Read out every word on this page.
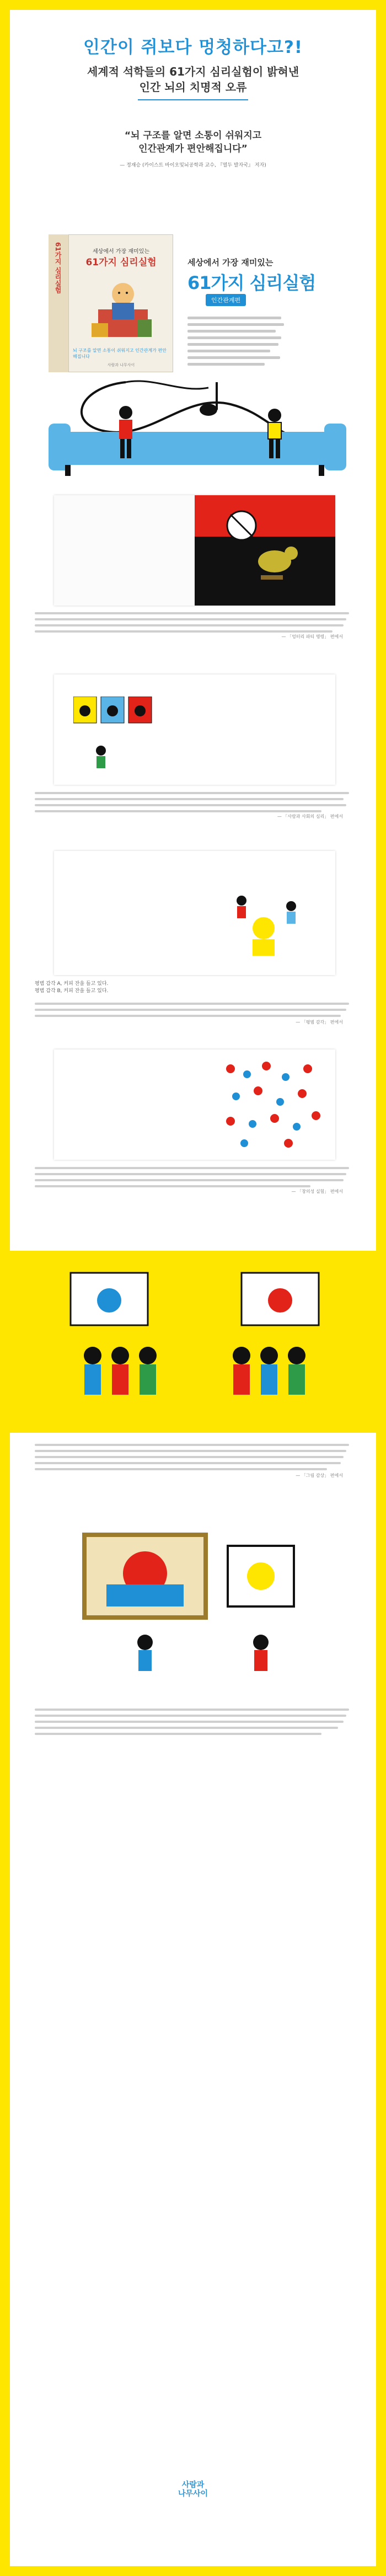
인간이 쥐보다 멍청하다고?!
세계적 석학들의 61가지 심리실험이 밝혀낸
인간 뇌의 치명적 오류
“뇌 구조를 알면 소통이 쉬워지고
인간관계가 편안해집니다”
— 정재승 (카이스트 바이오및뇌공학과 교수, 『열두 발자국』 저자)
61가지 심리실험	세상에서 가장 재미있는
61가지 심리실험
뇌 구조를 알면 소통이 쉬워지고 인간관계가 편안해집니다
사람과 나무사이
세상에서 가장 재미있는
61가지 심리실험
인간관계편
— 「엉터리 파티 명령」 편에서
— 「사람과 사회의 심리」 편에서
평범 감각 A, 커피 잔을 들고 있다.
평범 감각 B, 커피 잔을 들고 있다.
— 「평범 감각」 편에서
— 「창의성 실험」 편에서
— 「그림 감상」 편에서
사람과
나무사이
